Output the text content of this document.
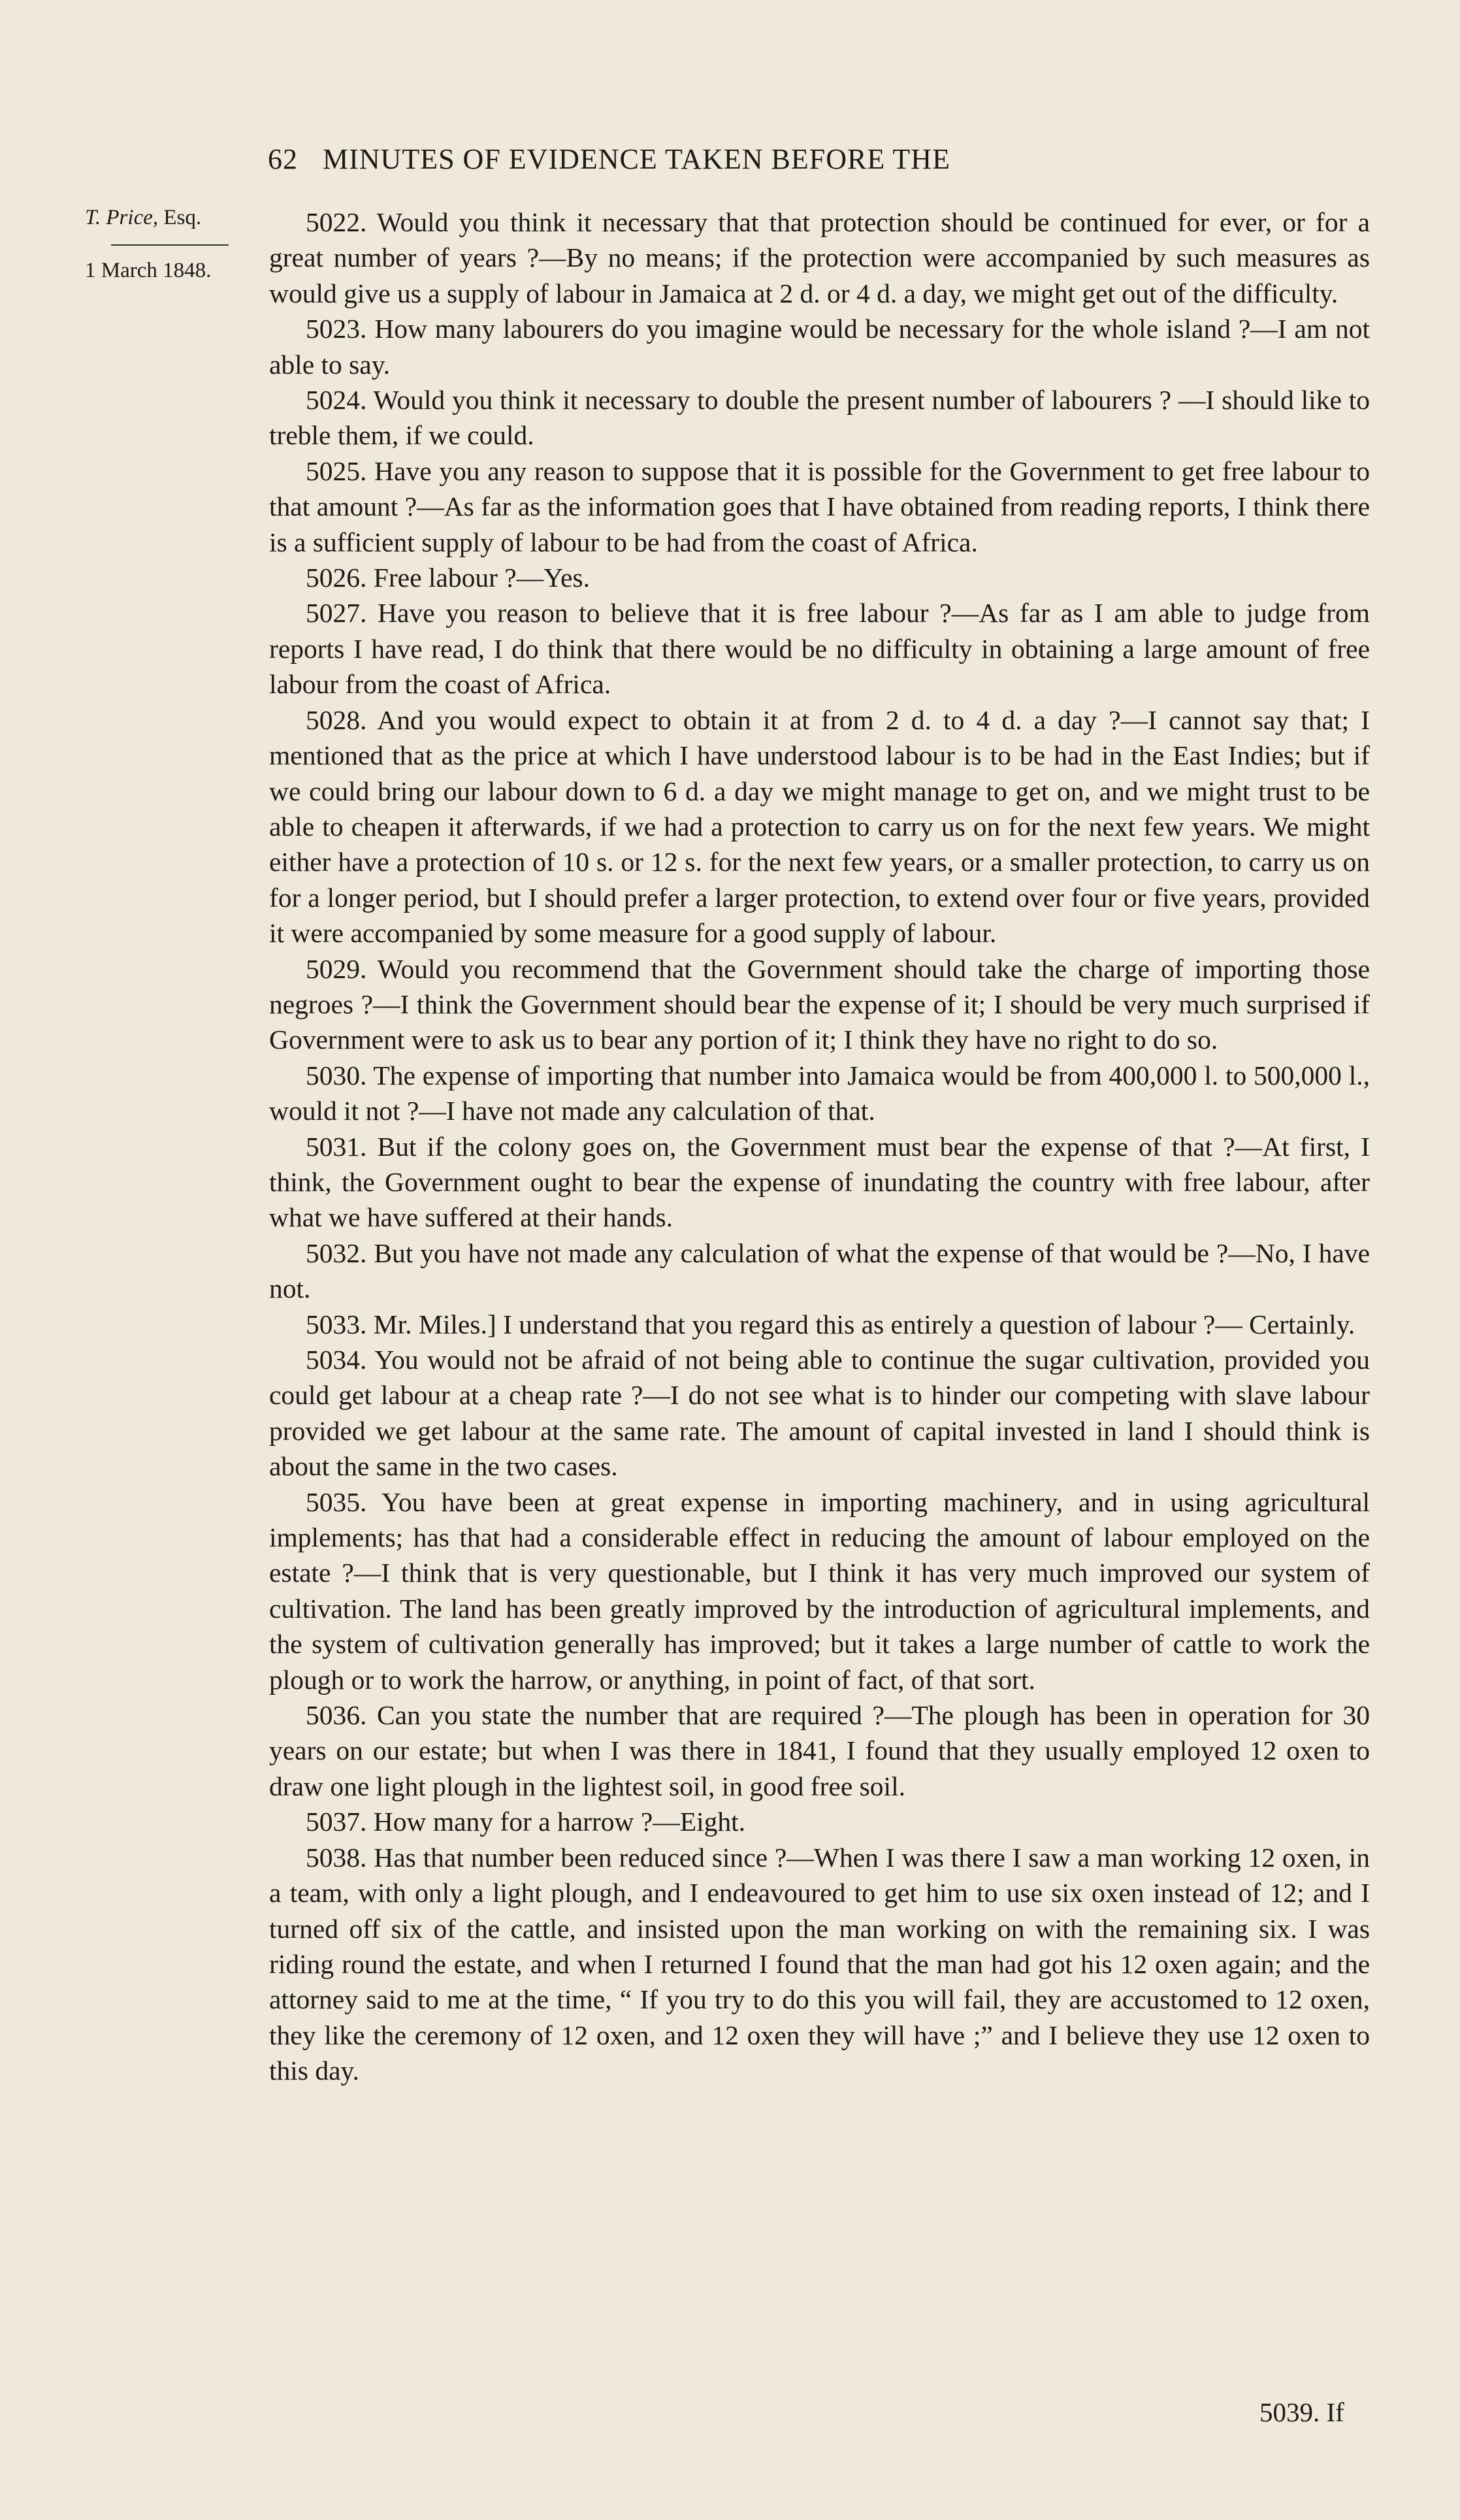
62 MINUTES OF EVIDENCE TAKEN BEFORE THE
T. Price, Esq.
1 March 1848.

5022. Would you think it necessary that that protection should be continued for ever, or for a great number of years ?—By no means; if the protection were accompanied by such measures as would give us a supply of labour in Jamaica at 2 d. or 4 d. a day, we might get out of the difficulty.

5023. How many labourers do you imagine would be necessary for the whole island ?—I am not able to say.

5024. Would you think it necessary to double the present number of labourers ? —I should like to treble them, if we could.

5025. Have you any reason to suppose that it is possible for the Government to get free labour to that amount ?—As far as the information goes that I have obtained from reading reports, I think there is a sufficient supply of labour to be had from the coast of Africa.

5026. Free labour ?—Yes.

5027. Have you reason to believe that it is free labour ?—As far as I am able to judge from reports I have read, I do think that there would be no difficulty in obtaining a large amount of free labour from the coast of Africa.

5028. And you would expect to obtain it at from 2 d. to 4 d. a day ?—I cannot say that; I mentioned that as the price at which I have understood labour is to be had in the East Indies; but if we could bring our labour down to 6 d. a day we might manage to get on, and we might trust to be able to cheapen it afterwards, if we had a protection to carry us on for the next few years. We might either have a protection of 10 s. or 12 s. for the next few years, or a smaller protection, to carry us on for a longer period, but I should prefer a larger protection, to extend over four or five years, provided it were accompanied by some measure for a good supply of labour.

5029. Would you recommend that the Government should take the charge of importing those negroes ?—I think the Government should bear the expense of it; I should be very much surprised if Government were to ask us to bear any portion of it; I think they have no right to do so.

5030. The expense of importing that number into Jamaica would be from 400,000 l. to 500,000 l., would it not ?—I have not made any calculation of that.

5031. But if the colony goes on, the Government must bear the expense of that ?—At first, I think, the Government ought to bear the expense of inundating the country with free labour, after what we have suffered at their hands.

5032. But you have not made any calculation of what the expense of that would be ?—No, I have not.

5033. Mr. Miles.] I understand that you regard this as entirely a question of labour ?— Certainly.

5034. You would not be afraid of not being able to continue the sugar cultivation, provided you could get labour at a cheap rate ?—I do not see what is to hinder our competing with slave labour provided we get labour at the same rate. The amount of capital invested in land I should think is about the same in the two cases.

5035. You have been at great expense in importing machinery, and in using agricultural implements; has that had a considerable effect in reducing the amount of labour employed on the estate ?—I think that is very questionable, but I think it has very much improved our system of cultivation. The land has been greatly improved by the introduction of agricultural implements, and the system of cultivation generally has improved; but it takes a large number of cattle to work the plough or to work the harrow, or anything, in point of fact, of that sort.

5036. Can you state the number that are required ?—The plough has been in operation for 30 years on our estate; but when I was there in 1841, I found that they usually employed 12 oxen to draw one light plough in the lightest soil, in good free soil.

5037. How many for a harrow ?—Eight.

5038. Has that number been reduced since ?—When I was there I saw a man working 12 oxen, in a team, with only a light plough, and I endeavoured to get him to use six oxen instead of 12; and I turned off six of the cattle, and insisted upon the man working on with the remaining six. I was riding round the estate, and when I returned I found that the man had got his 12 oxen again; and the attorney said to me at the time, “ If you try to do this you will fail, they are accustomed to 12 oxen, they like the ceremony of 12 oxen, and 12 oxen they will have ;” and I believe they use 12 oxen to this day.

5039. If
